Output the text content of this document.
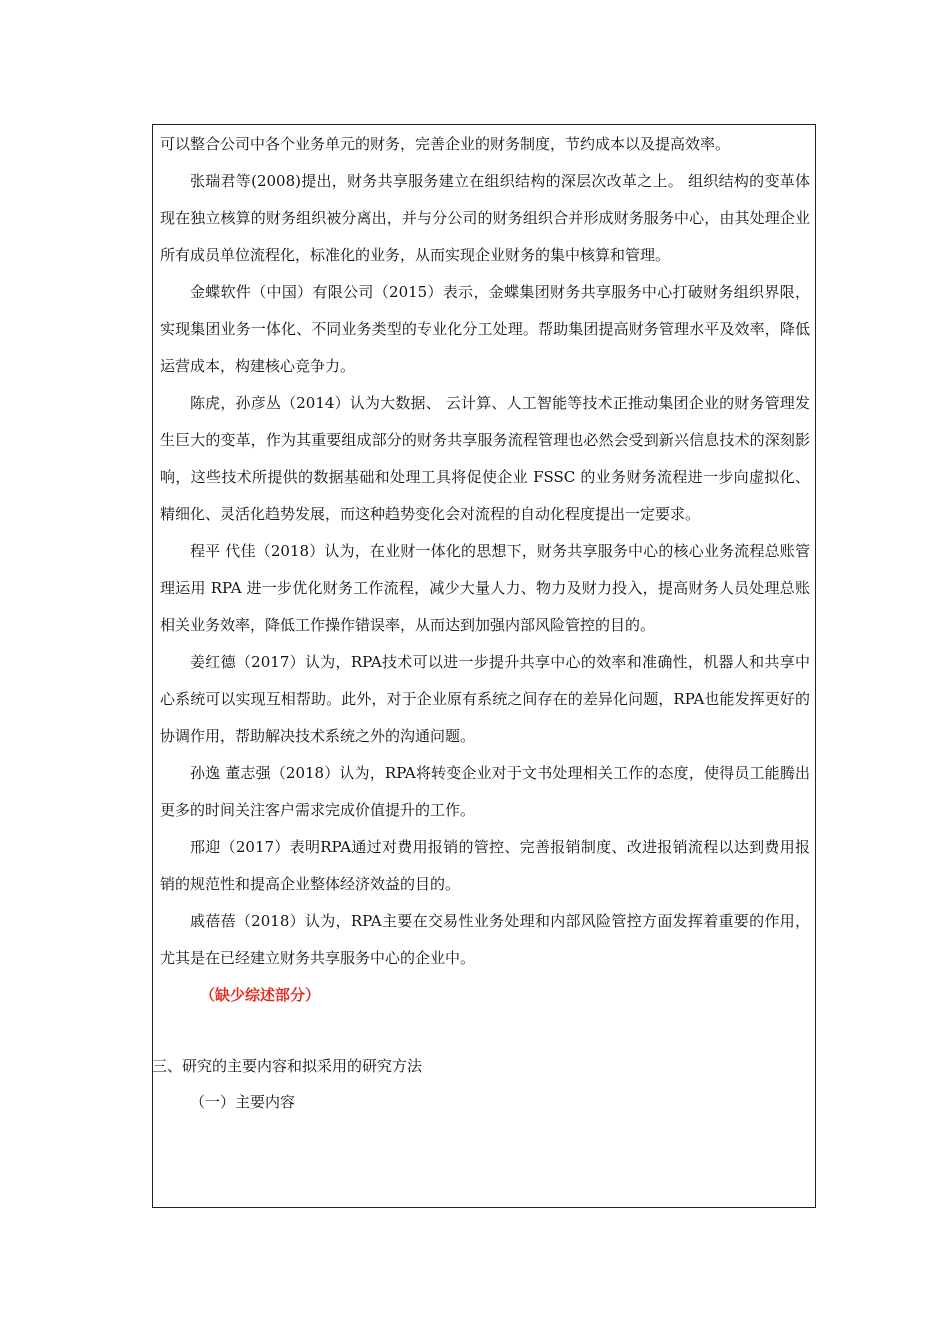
可以整合公司中各个业务单元的财务，完善企业的财务制度，节约成本以及提高效率。

张瑞君等(2008)提出，财务共享服务建立在组织结构的深层次改革之上。 组织结构的变革体现在独立核算的财务组织被分离出，并与分公司的财务组织合并形成财务服务中心，由其处理企业所有成员单位流程化，标准化的业务，从而实现企业财务的集中核算和管理。

金蝶软件（中国）有限公司（2015）表示，金蝶集团财务共享服务中心打破财务组织界限，实现集团业务一体化、不同业务类型的专业化分工处理。帮助集团提高财务管理水平及效率，降低运营成本，构建核心竞争力。

陈虎，孙彦丛（2014）认为大数据、 云计算、人工智能等技术正推动集团企业的财务管理发生巨大的变革，作为其重要组成部分的财务共享服务流程管理也必然会受到新兴信息技术的深刻影响，这些技术所提供的数据基础和处理工具将促使企业 FSSC 的业务财务流程进一步向虚拟化、精细化、灵活化趋势发展，而这种趋势变化会对流程的自动化程度提出一定要求。

程平 代佳（2018）认为，在业财一体化的思想下，财务共享服务中心的核心业务流程总账管理运用 RPA 进一步优化财务工作流程，减少大量人力、物力及财力投入，提高财务人员处理总账相关业务效率，降低工作操作错误率，从而达到加强内部风险管控的目的。

姜红德（2017）认为，RPA技术可以进一步提升共享中心的效率和准确性，机器人和共享中心系统可以实现互相帮助。此外，对于企业原有系统之间存在的差异化问题，RPA也能发挥更好的协调作用，帮助解决技术系统之外的沟通问题。

孙逸 董志强（2018）认为，RPA将转变企业对于文书处理相关工作的态度，使得员工能腾出更多的时间关注客户需求完成价值提升的工作。

邢迎（2017）表明RPA通过对费用报销的管控、完善报销制度、改进报销流程以达到费用报销的规范性和提高企业整体经济效益的目的。

戚蓓蓓（2018）认为，RPA主要在交易性业务处理和内部风险管控方面发挥着重要的作用，尤其是在已经建立财务共享服务中心的企业中。

（缺少综述部分）

三、研究的主要内容和拟采用的研究方法

（一）主要内容
